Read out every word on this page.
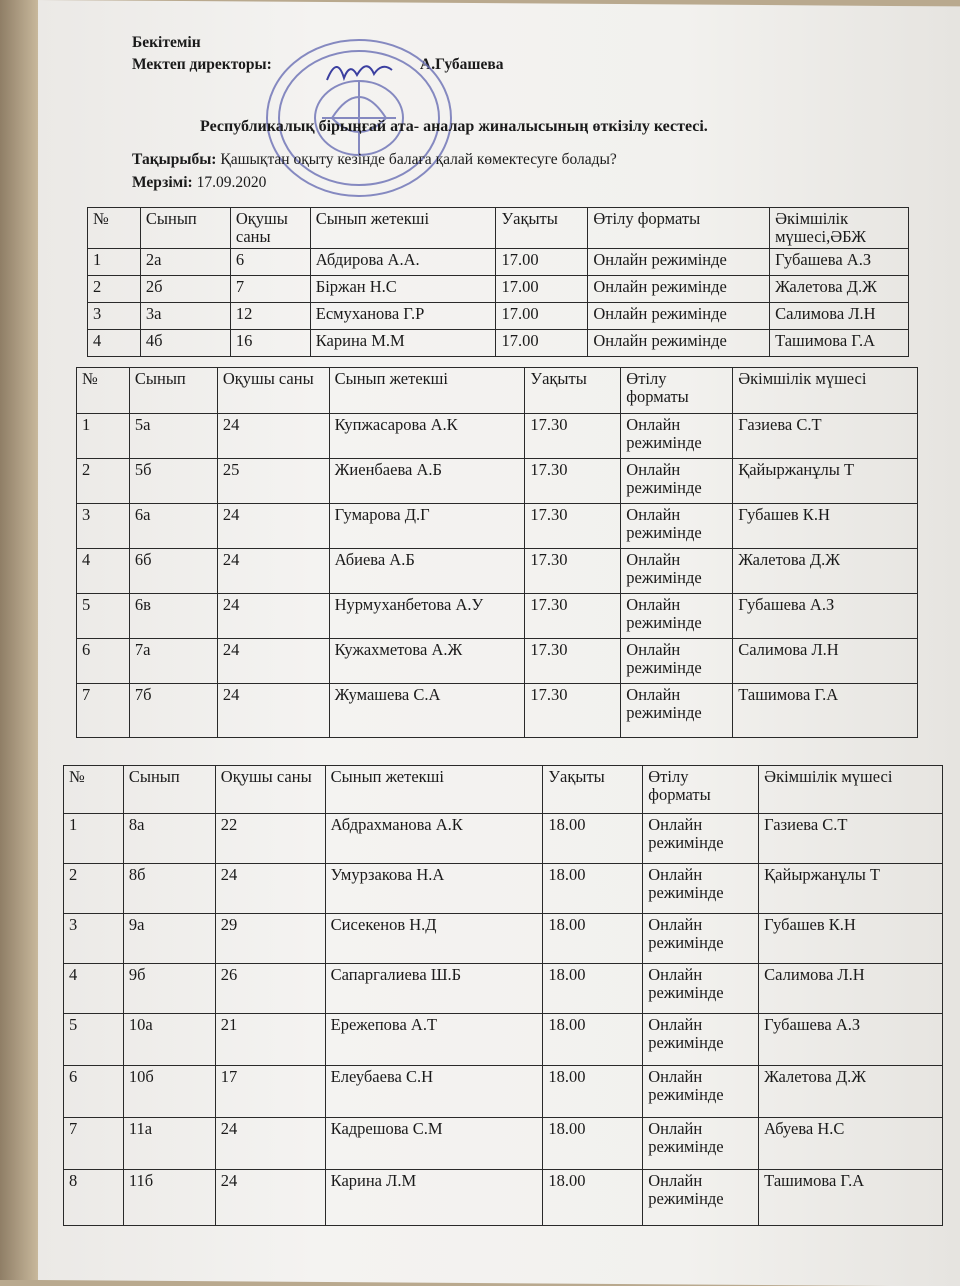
Бекітемін
Мектеп директоры:	А.Губашева
Республикалық бірыңғай ата- аналар жиналысының өткізілу кестесі.
Тақырыбы: Қашықтан оқыту кезінде балаға қалай көмектесуге болады?
Мерзімі: 17.09.2020
№	Сынып	Оқушы саны	Сынып жетекші	Уақыты	Өтілу форматы	Әкімшілік мүшесі,ӘБЖ
1	2а	6	Абдирова А.А.	17.00	Онлайн режимінде	Губашева А.З
2	2б	7	Біржан Н.С	17.00	Онлайн режимінде	Жалетова Д.Ж
3	3а	12	Есмуханова Г.Р	17.00	Онлайн режимінде	Салимова Л.Н
4	4б	16	Карина М.М	17.00	Онлайн режимінде	Ташимова Г.А
№	Сынып	Оқушы саны	Сынып жетекші	Уақыты	Өтілу форматы	Әкімшілік мүшесі
1	5а	24	Купжасарова А.К	17.30	Онлайн режимінде	Газиева С.Т
2	5б	25	Жиенбаева А.Б	17.30	Онлайн режимінде	Қайыржанұлы Т
3	6а	24	Гумарова Д.Г	17.30	Онлайн режимінде	Губашев К.Н
4	6б	24	Абиева А.Б	17.30	Онлайн режимінде	Жалетова Д.Ж
5	6в	24	Нурмуханбетова А.У	17.30	Онлайн режимінде	Губашева А.З
6	7а	24	Кужахметова А.Ж	17.30	Онлайн режимінде	Салимова Л.Н
7	7б	24	Жумашева С.А	17.30	Онлайн режимінде	Ташимова Г.А
№	Сынып	Оқушы саны	Сынып жетекші	Уақыты	Өтілу форматы	Әкімшілік мүшесі
1	8а	22	Абдрахманова А.К	18.00	Онлайн режимінде	Газиева С.Т
2	8б	24	Умурзакова Н.А	18.00	Онлайн режимінде	Қайыржанұлы Т
3	9а	29	Сисекенов Н.Д	18.00	Онлайн режимінде	Губашев К.Н
4	9б	26	Сапаргалиева Ш.Б	18.00	Онлайн режимінде	Салимова Л.Н
5	10а	21	Ережепова А.Т	18.00	Онлайн режимінде	Губашева А.З
6	10б	17	Елеубаева С.Н	18.00	Онлайн режимінде	Жалетова Д.Ж
7	11а	24	Кадрешова С.М	18.00	Онлайн режимінде	Абуева Н.С
8	11б	24	Карина Л.М	18.00	Онлайн режимінде	Ташимова Г.А
